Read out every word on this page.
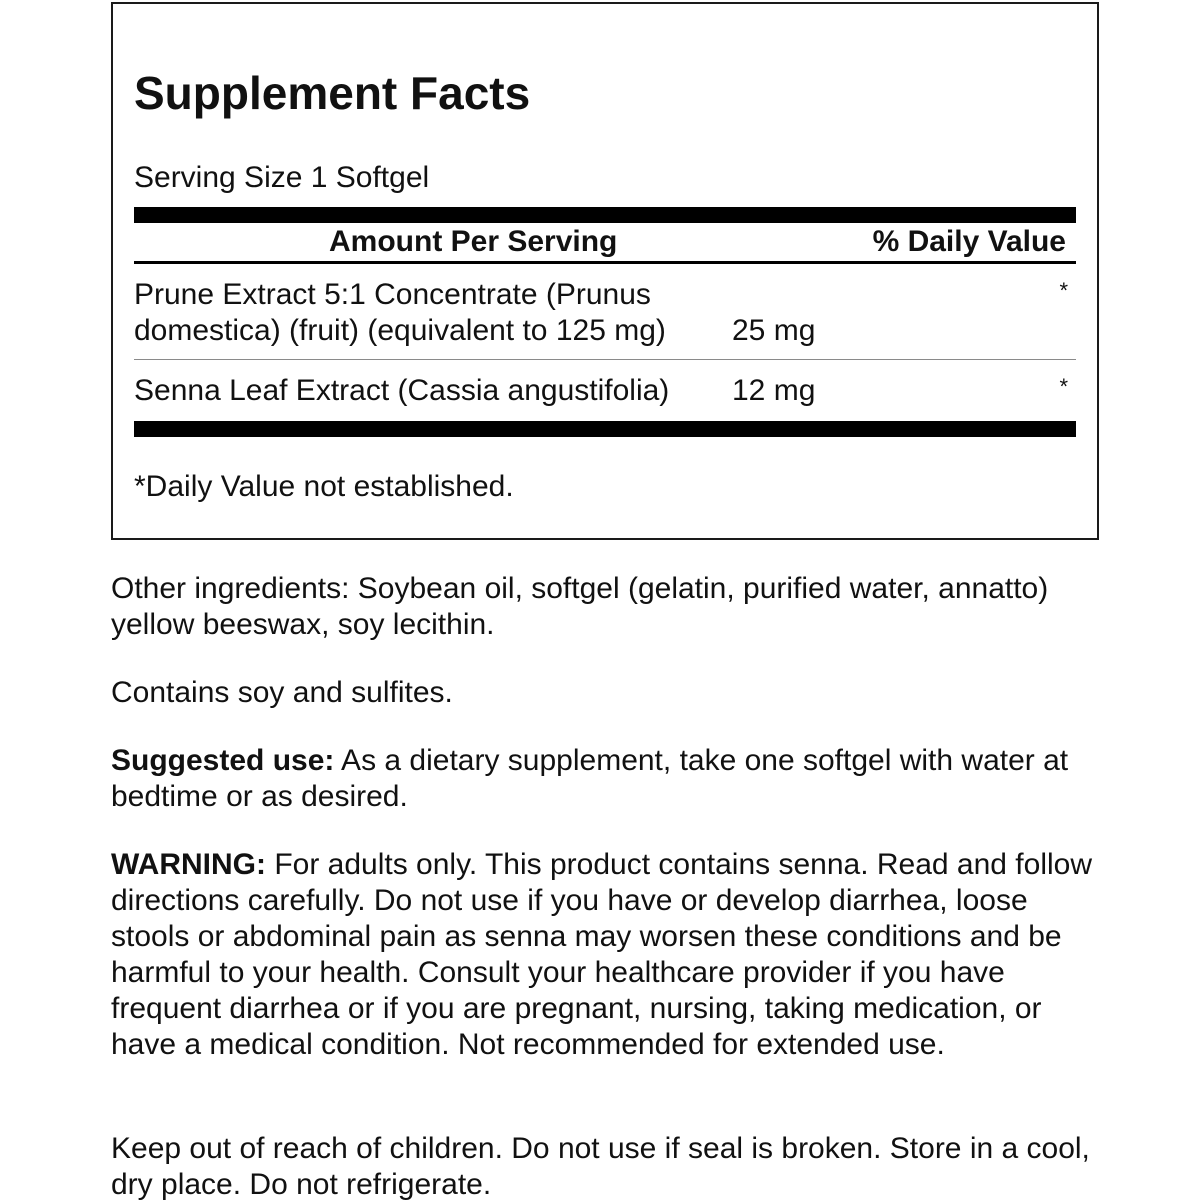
Supplement Facts
Serving Size 1 Softgel
Amount Per Serving	% Daily Value
Prune Extract 5:1 Concentrate (Prunus
domestica) (fruit) (equivalent to 125 mg) 25 mg
*
Senna Leaf Extract (Cassia angustifolia) 12 mg	*
*Daily Value not established.

Other ingredients: Soybean oil, softgel (gelatin, purified water, annatto) yellow beeswax, soy lecithin.

Contains soy and sulfites.

Suggested use: As a dietary supplement, take one softgel with water at bedtime or as desired.

WARNING: For adults only. This product contains senna. Read and follow directions carefully. Do not use if you have or develop diarrhea, loose stools or abdominal pain as senna may worsen these conditions and be harmful to your health. Consult your healthcare provider if you have frequent diarrhea or if you are pregnant, nursing, taking medication, or have a medical condition. Not recommended for extended use.

Keep out of reach of children. Do not use if seal is broken. Store in a cool, dry place. Do not refrigerate.
